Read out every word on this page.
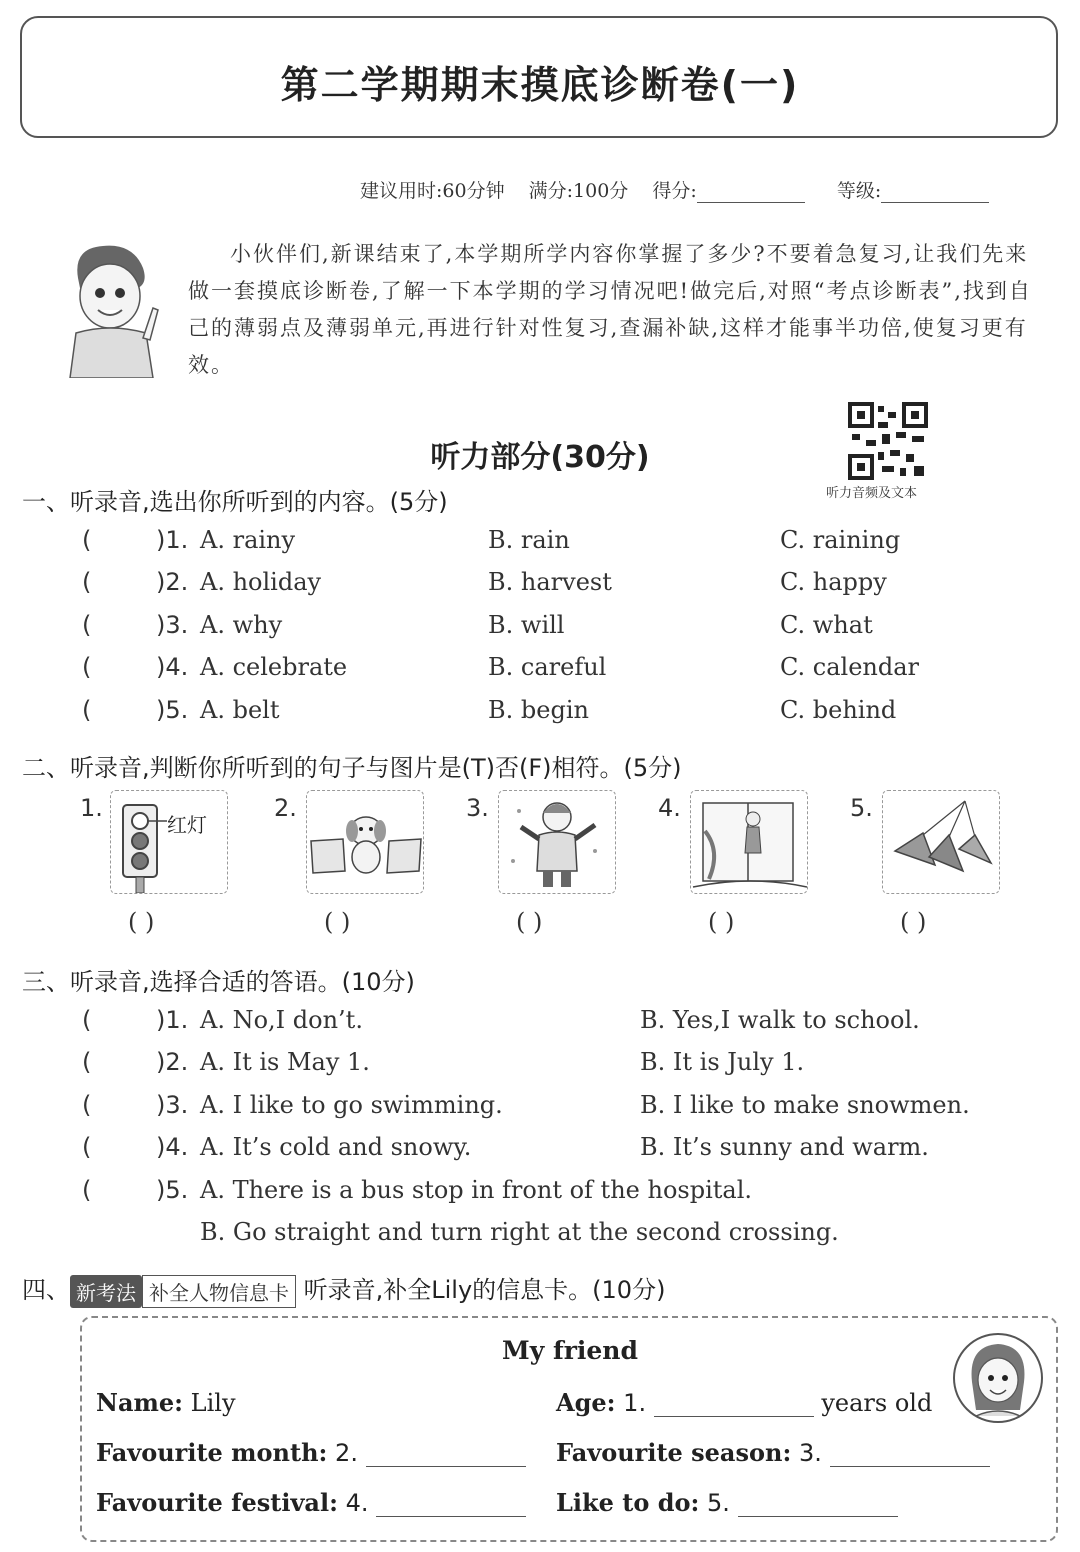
第二学期期末摸底诊断卷(一)
建议用时:60分钟 满分:100分 得分:	等级:
小伙伴们,新课结束了,本学期所学内容你掌握了多少?不要着急复习,让我们先来做一套摸底诊断卷,了解一下本学期的学习情况吧!做完后,对照“考点诊断表”,找到自己的薄弱点及薄弱单元,再进行针对性复习,查漏补缺,这样才能事半功倍,使复习更有效。
听力音频及文本
听力部分(30分)
一、听录音,选出你所听到的内容。(5分)
(	)1. A. rainy	B. rain	C. raining
(	)2. A. holiday	B. harvest	C. happy
(	)3. A. why	B. will	C. what
(	)4. A. celebrate	B. careful	C. calendar
(	)5. A. belt	B. begin	C. behind
二、听录音,判断你所听到的句子与图片是(T)否(F)相符。(5分)
1.
红灯
2.	3.	4.	5.
( )	( )	( )	( )	( )
三、听录音,选择合适的答语。(10分)
(	)1. A. No,I don’t.	B. Yes,I walk to school.
(	)2. A. It is May 1.	B. It is July 1.
(	)3. A. I like to go swimming.	B. I like to make snowmen.
(	)4. A. It’s cold and snowy.	B. It’s sunny and warm.
(	)5. A. There is a bus stop in front of the hospital.
B. Go straight and turn right at the second crossing.
四、 新考法 补全人物信息卡 听录音,补全Lily的信息卡。(10分)
My friend
Name: Lily	Age: 1.	years old
Favourite month: 2.	Favourite season: 3.
Favourite festival: 4.	Like to do: 5.
